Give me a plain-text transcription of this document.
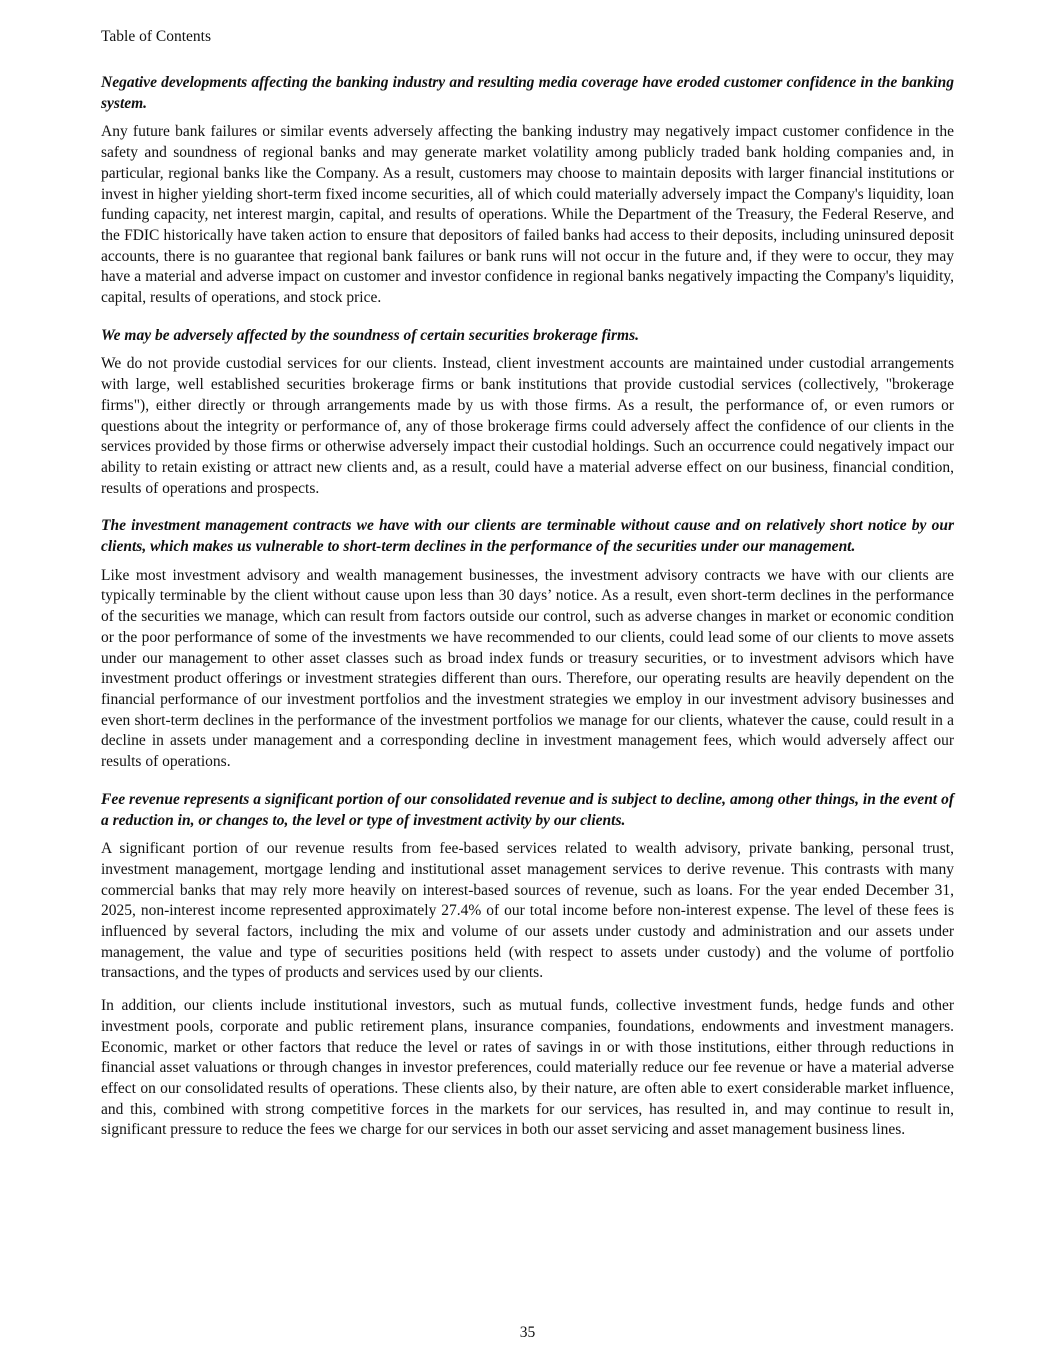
Table of Contents

Negative developments affecting the banking industry and resulting media coverage have eroded customer confidence in the banking system.

Any future bank failures or similar events adversely affecting the banking industry may negatively impact customer confidence in the safety and soundness of regional banks and may generate market volatility among publicly traded bank holding companies and, in particular, regional banks like the Company. As a result, customers may choose to maintain deposits with larger financial institutions or invest in higher yielding short-term fixed income securities, all of which could materially adversely impact the Company's liquidity, loan funding capacity, net interest margin, capital, and results of operations. While the Department of the Treasury, the Federal Reserve, and the FDIC historically have taken action to ensure that depositors of failed banks had access to their deposits, including uninsured deposit accounts, there is no guarantee that regional bank failures or bank runs will not occur in the future and, if they were to occur, they may have a material and adverse impact on customer and investor confidence in regional banks negatively impacting the Company's liquidity, capital, results of operations, and stock price.

We may be adversely affected by the soundness of certain securities brokerage firms.

We do not provide custodial services for our clients. Instead, client investment accounts are maintained under custodial arrangements with large, well established securities brokerage firms or bank institutions that provide custodial services (collectively, "brokerage firms"), either directly or through arrangements made by us with those firms. As a result, the performance of, or even rumors or questions about the integrity or performance of, any of those brokerage firms could adversely affect the confidence of our clients in the services provided by those firms or otherwise adversely impact their custodial holdings. Such an occurrence could negatively impact our ability to retain existing or attract new clients and, as a result, could have a material adverse effect on our business, financial condition, results of operations and prospects.

The investment management contracts we have with our clients are terminable without cause and on relatively short notice by our clients, which makes us vulnerable to short-term declines in the performance of the securities under our management.

Like most investment advisory and wealth management businesses, the investment advisory contracts we have with our clients are typically terminable by the client without cause upon less than 30 days’ notice. As a result, even short-term declines in the performance of the securities we manage, which can result from factors outside our control, such as adverse changes in market or economic condition or the poor performance of some of the investments we have recommended to our clients, could lead some of our clients to move assets under our management to other asset classes such as broad index funds or treasury securities, or to investment advisors which have investment product offerings or investment strategies different than ours. Therefore, our operating results are heavily dependent on the financial performance of our investment portfolios and the investment strategies we employ in our investment advisory businesses and even short-term declines in the performance of the investment portfolios we manage for our clients, whatever the cause, could result in a decline in assets under management and a corresponding decline in investment management fees, which would adversely affect our results of operations.

Fee revenue represents a significant portion of our consolidated revenue and is subject to decline, among other things, in the event of a reduction in, or changes to, the level or type of investment activity by our clients.

A significant portion of our revenue results from fee-based services related to wealth advisory, private banking, personal trust, investment management, mortgage lending and institutional asset management services to derive revenue. This contrasts with many commercial banks that may rely more heavily on interest-based sources of revenue, such as loans. For the year ended December 31, 2025, non-interest income represented approximately 27.4% of our total income before non-interest expense. The level of these fees is influenced by several factors, including the mix and volume of our assets under custody and administration and our assets under management, the value and type of securities positions held (with respect to assets under custody) and the volume of portfolio transactions, and the types of products and services used by our clients.

In addition, our clients include institutional investors, such as mutual funds, collective investment funds, hedge funds and other investment pools, corporate and public retirement plans, insurance companies, foundations, endowments and investment managers. Economic, market or other factors that reduce the level or rates of savings in or with those institutions, either through reductions in financial asset valuations or through changes in investor preferences, could materially reduce our fee revenue or have a material adverse effect on our consolidated results of operations. These clients also, by their nature, are often able to exert considerable market influence, and this, combined with strong competitive forces in the markets for our services, has resulted in, and may continue to result in, significant pressure to reduce the fees we charge for our services in both our asset servicing and asset management business lines.

35
